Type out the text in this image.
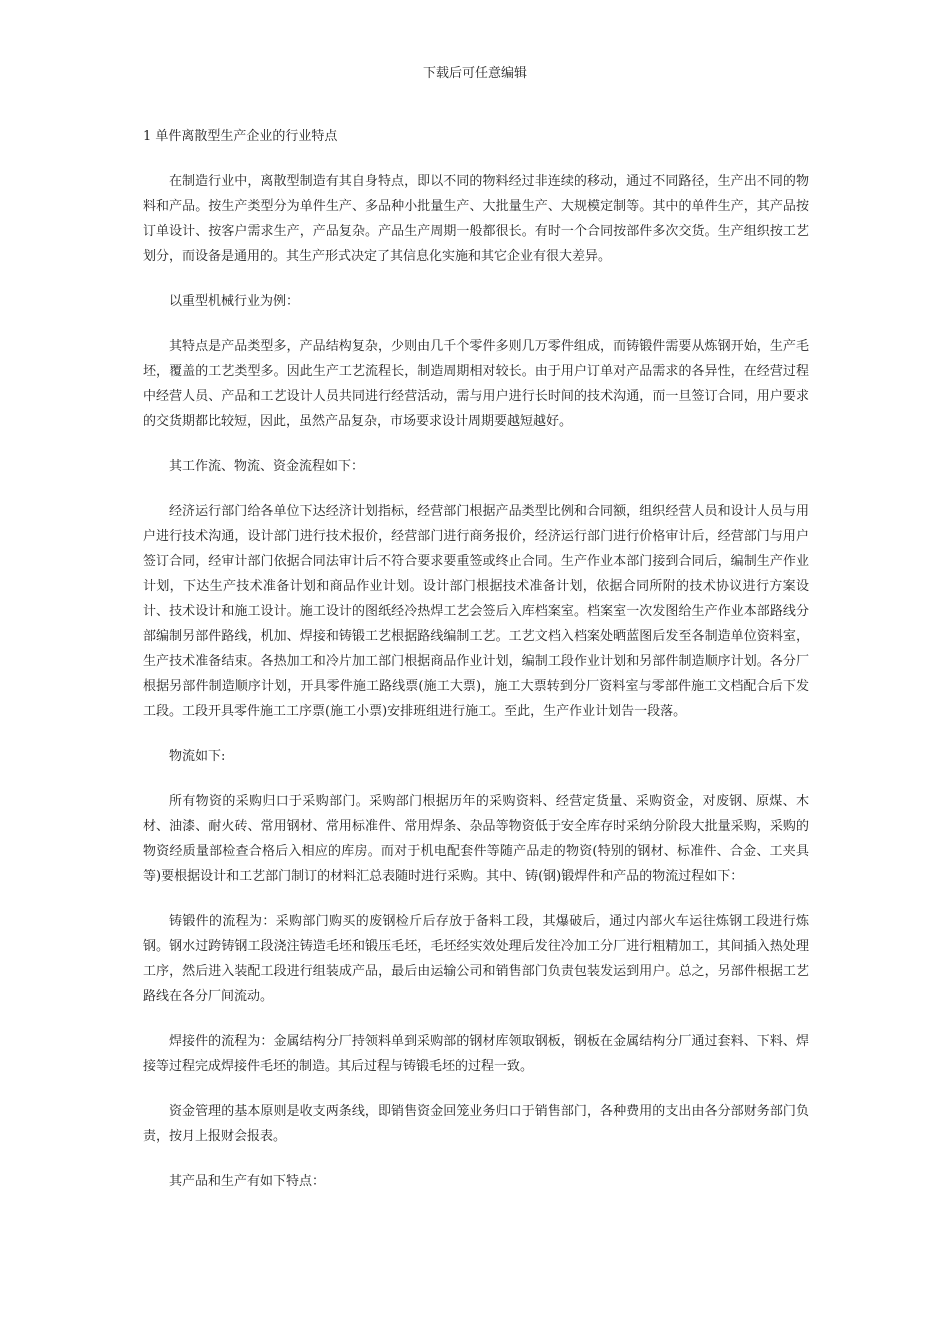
下载后可任意编辑
1 单件离散型生产企业的行业特点

在制造行业中，离散型制造有其自身特点，即以不同的物料经过非连续的移动，通过不同路径，生产出不同的物料和产品。按生产类型分为单件生产、多品种小批量生产、大批量生产、大规模定制等。其中的单件生产，其产品按订单设计、按客户需求生产，产品复杂。产品生产周期一般都很长。有时一个合同按部件多次交货。生产组织按工艺划分，而设备是通用的。其生产形式决定了其信息化实施和其它企业有很大差异。

以重型机械行业为例：

其特点是产品类型多，产品结构复杂，少则由几千个零件多则几万零件组成，而铸锻件需要从炼钢开始，生产毛坯，覆盖的工艺类型多。因此生产工艺流程长，制造周期相对较长。由于用户订单对产品需求的各异性，在经营过程中经营人员、产品和工艺设计人员共同进行经营活动，需与用户进行长时间的技术沟通，而一旦签订合同，用户要求的交货期都比较短，因此，虽然产品复杂，市场要求设计周期要越短越好。

其工作流、物流、资金流程如下：

经济运行部门给各单位下达经济计划指标，经营部门根据产品类型比例和合同额，组织经营人员和设计人员与用户进行技术沟通，设计部门进行技术报价，经营部门进行商务报价，经济运行部门进行价格审计后，经营部门与用户签订合同，经审计部门依据合同法审计后不符合要求要重签或终止合同。生产作业本部门接到合同后，编制生产作业计划，下达生产技术准备计划和商品作业计划。设计部门根据技术准备计划，依据合同所附的技术协议进行方案设计、技术设计和施工设计。施工设计的图纸经冷热焊工艺会签后入库档案室。档案室一次发图给生产作业本部路线分部编制另部件路线，机加、焊接和铸锻工艺根据路线编制工艺。工艺文档入档案处晒蓝图后发至各制造单位资料室，生产技术准备结束。各热加工和冷片加工部门根据商品作业计划，编制工段作业计划和另部件制造顺序计划。各分厂根据另部件制造顺序计划，开具零件施工路线票(施工大票)，施工大票转到分厂资料室与零部件施工文档配合后下发工段。工段开具零件施工工序票(施工小票)安排班组进行施工。至此，生产作业计划告一段落。

物流如下:

所有物资的采购归口于采购部门。采购部门根据历年的采购资料、经营定货量、采购资金，对废钢、原煤、木材、油漆、耐火砖、常用钢材、常用标准件、常用焊条、杂品等物资低于安全库存时采纳分阶段大批量采购，采购的物资经质量部检查合格后入相应的库房。而对于机电配套件等随产品走的物资(特别的钢材、标准件、合金、工夹具等)要根据设计和工艺部门制订的材料汇总表随时进行采购。其中、铸(钢)锻焊件和产品的物流过程如下：

铸锻件的流程为：采购部门购买的废钢检斤后存放于备料工段，其爆破后，通过内部火车运往炼钢工段进行炼钢。钢水过跨铸钢工段浇注铸造毛坯和锻压毛坯，毛坯经实效处理后发往冷加工分厂进行粗精加工，其间插入热处理工序，然后进入装配工段进行组装成产品，最后由运输公司和销售部门负责包装发运到用户。总之，另部件根据工艺路线在各分厂间流动。

焊接件的流程为：金属结构分厂持领料单到采购部的钢材库领取钢板，钢板在金属结构分厂通过套料、下料、焊接等过程完成焊接件毛坯的制造。其后过程与铸锻毛坯的过程一致。

资金管理的基本原则是收支两条线，即销售资金回笼业务归口于销售部门，各种费用的支出由各分部财务部门负责，按月上报财会报表。

其产品和生产有如下特点：
